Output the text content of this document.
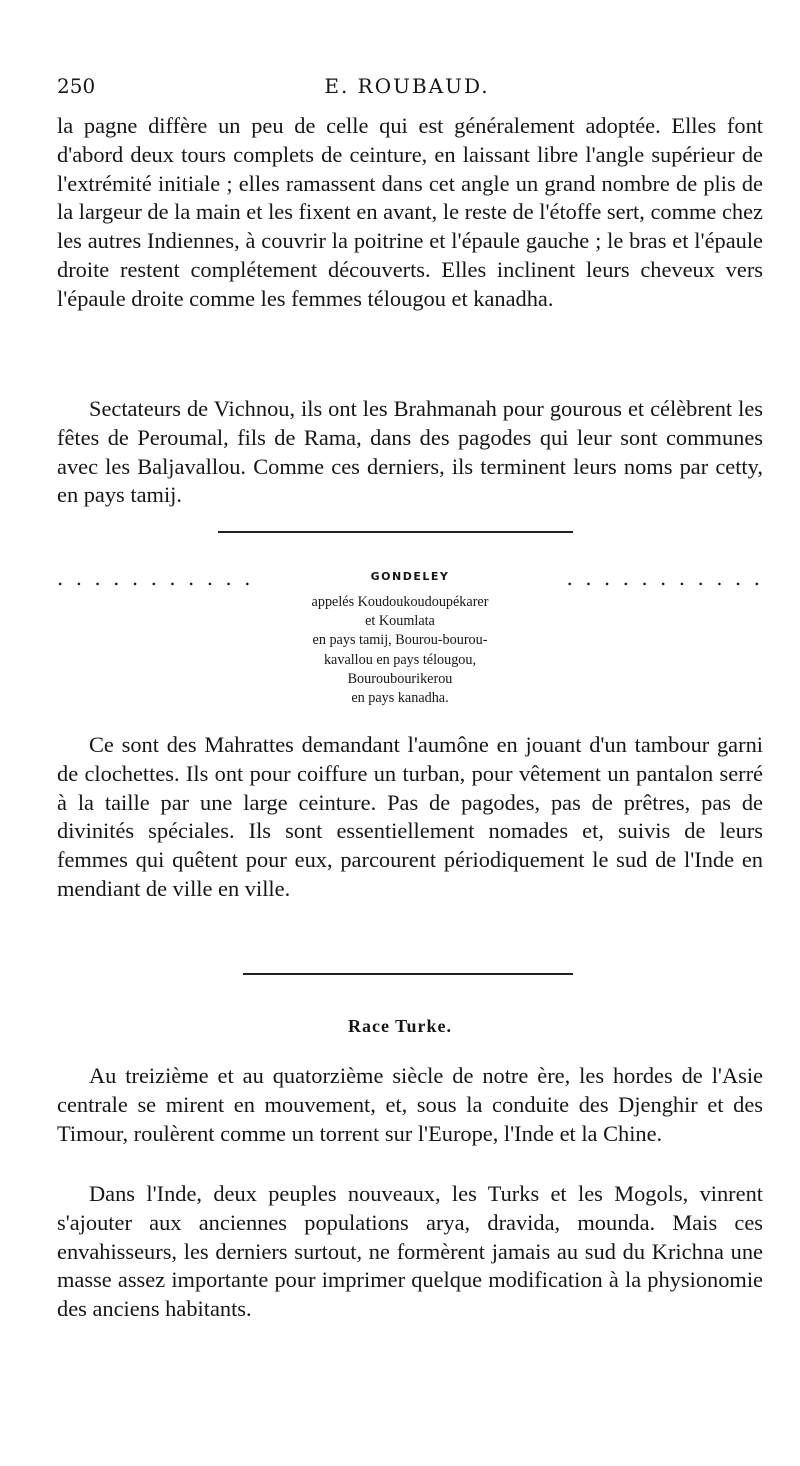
250	E. ROUBAUD.

la pagne diffère un peu de celle qui est généralement adoptée. Elles font d'abord deux tours complets de ceinture, en laissant libre l'angle supérieur de l'extrémité initiale ; elles ramassent dans cet angle un grand nombre de plis de la largeur de la main et les fixent en avant, le reste de l'étoffe sert, comme chez les autres Indiennes, à couvrir la poitrine et l'épaule gauche ; le bras et l'épaule droite restent complétement découverts. Elles inclinent leurs cheveux vers l'épaule droite comme les femmes télougou et kanadha.

Sectateurs de Vichnou, ils ont les Brahmanah pour gourous et célèbrent les fêtes de Peroumal, fils de Rama, dans des pagodes qui leur sont communes avec les Baljavallou. Comme ces derniers, ils terminent leurs noms par cetty, en pays tamij.

. . . . . . . . . . .	GONDELEY	. . . . . . . . . . .
appelés Koudoukoudoupékarer
et Koumlata
en pays tamij, Bourou-bourou-
kavallou en pays télougou,
Bouroubourikerou
en pays kanadha.

Ce sont des Mahrattes demandant l'aumône en jouant d'un tambour garni de clochettes. Ils ont pour coiffure un turban, pour vêtement un pantalon serré à la taille par une large ceinture. Pas de pagodes, pas de prêtres, pas de divinités spéciales. Ils sont essentiellement nomades et, suivis de leurs femmes qui quêtent pour eux, parcourent périodiquement le sud de l'Inde en mendiant de ville en ville.

Race Turke.

Au treizième et au quatorzième siècle de notre ère, les hordes de l'Asie centrale se mirent en mouvement, et, sous la conduite des Djenghir et des Timour, roulèrent comme un torrent sur l'Europe, l'Inde et la Chine.

Dans l'Inde, deux peuples nouveaux, les Turks et les Mogols, vinrent s'ajouter aux anciennes populations arya, dravida, mounda. Mais ces envahisseurs, les derniers surtout, ne formèrent jamais au sud du Krichna une masse assez importante pour imprimer quelque modification à la physionomie des anciens habitants.
